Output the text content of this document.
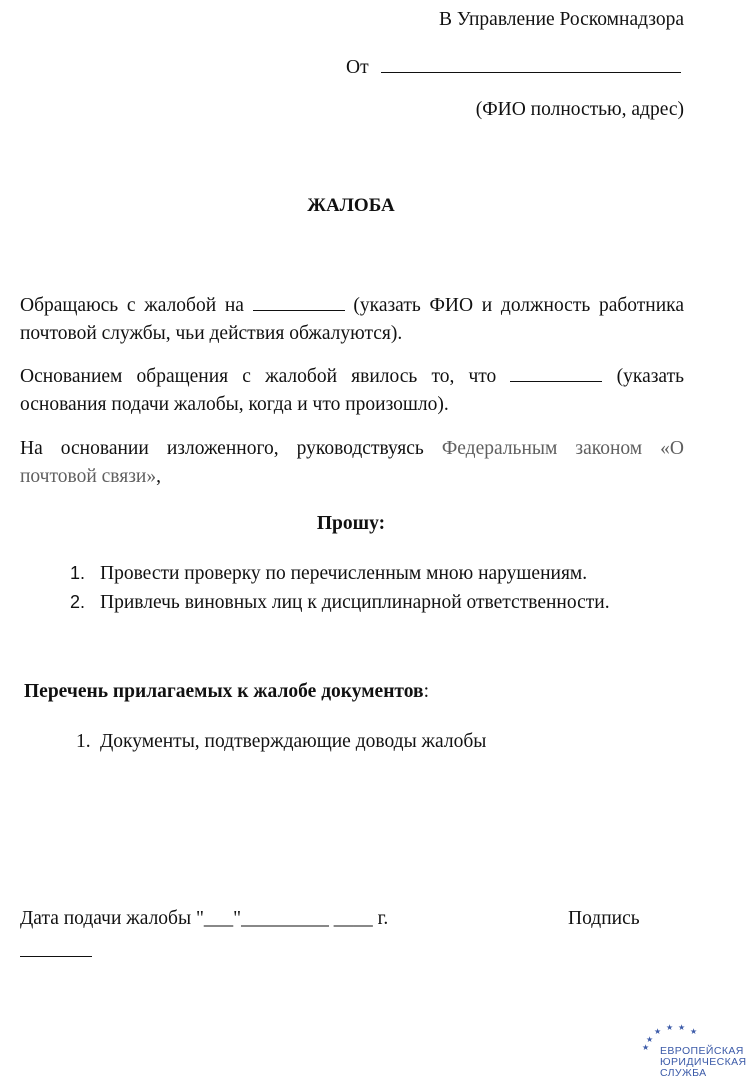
В Управление Роскомнадзора
От
(ФИО полностью, адрес)
ЖАЛОБА
Обращаюсь с жалобой на	(указать ФИО и должность работника почтовой службы, чьи действия обжалуются).
Основанием обращения с жалобой явилось то, что	(указать основания подачи жалобы, когда и что произошло).
На основании изложенного, руководствуясь Федеральным законом «О почтовой связи»,
Прошу:
1. Провести проверку по перечисленным мною нарушениям.
2. Привлечь виновных лиц к дисциплинарной ответственности.
Перечень прилагаемых к жалобе документов:
1. Документы, подтверждающие доводы жалобы
Дата подачи жалобы "___"_________ ____ г.	Подпись
★ ★ ★ ★
★
★ ЕВРОПЕЙСКАЯ
ЮРИДИЧЕСКАЯ
СЛУЖБА
